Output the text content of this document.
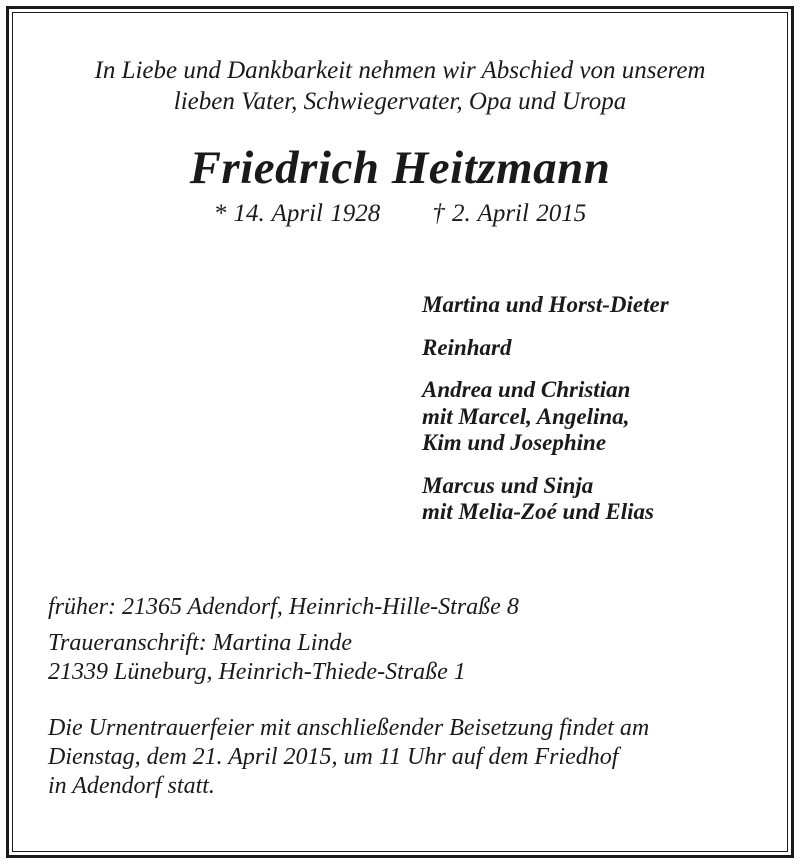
In Liebe und Dankbarkeit nehmen wir Abschied von unserem
lieben Vater, Schwiegervater, Opa und Uropa
Friedrich Heitzmann
* 14. April 1928 † 2. April 2015
Martina und Horst-Dieter
Reinhard
Andrea und Christian
mit Marcel, Angelina,
Kim und Josephine
Marcus und Sinja
mit Melia-Zoé und Elias
früher: 21365 Adendorf, Heinrich-Hille-Straße 8
Traueranschrift: Martina Linde
21339 Lüneburg, Heinrich-Thiede-Straße 1
Die Urnentrauerfeier mit anschließender Beisetzung findet am
Dienstag, dem 21. April 2015, um 11 Uhr auf dem Friedhof
in Adendorf statt.
